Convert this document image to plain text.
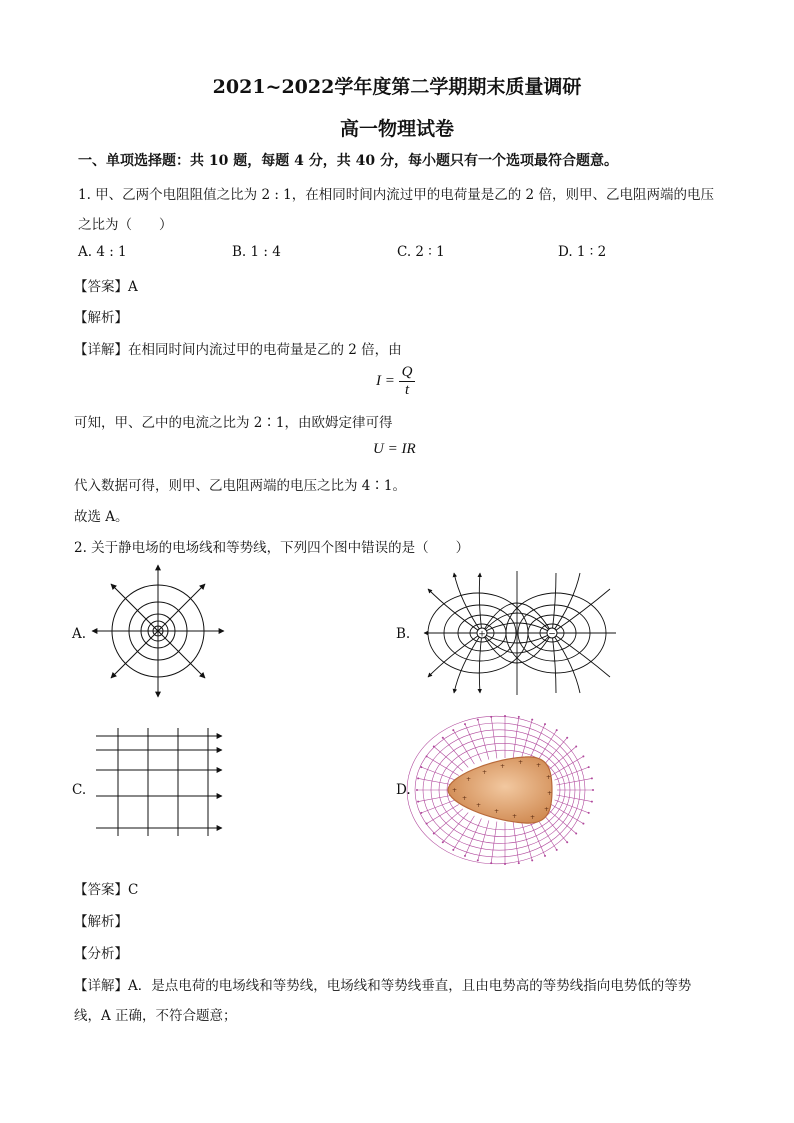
2021~2022学年度第二学期期末质量调研
高一物理试卷
一、单项选择题：共 10 题，每题 4 分，共 40 分，每小题只有一个选项最符合题意。
1. 甲、乙两个电阻阻值之比为 2 : 1，在相同时间内流过甲的电荷量是乙的 2 倍，则甲、乙电阻两端的电压
之比为（　　）
A. 4 : 1	B. 1 : 4	C. 2 ∶ 1	D. 1 ∶ 2
【答案】A
【解析】
【详解】在相同时间内流过甲的电荷量是乙的 2 倍，由
$I = \frac{Q}{t}$
可知，甲、乙中的电流之比为 2∶1，由欧姆定律可得
U = IR
代入数据可得，则甲、乙电阻两端的电压之比为 4∶1。
故选 A。
2. 关于静电场的电场线和等势线，下列四个图中错误的是（　　）
A.	B.	+	−
C.	D.	+
+
+
+
+ +
+
+
+
+
+
+
+
+
【答案】C
【解析】
【分析】
【详解】A．是点电荷的电场线和等势线，电场线和等势线垂直，且由电势高的等势线指向电势低的等势
线，A 正确，不符合题意；
